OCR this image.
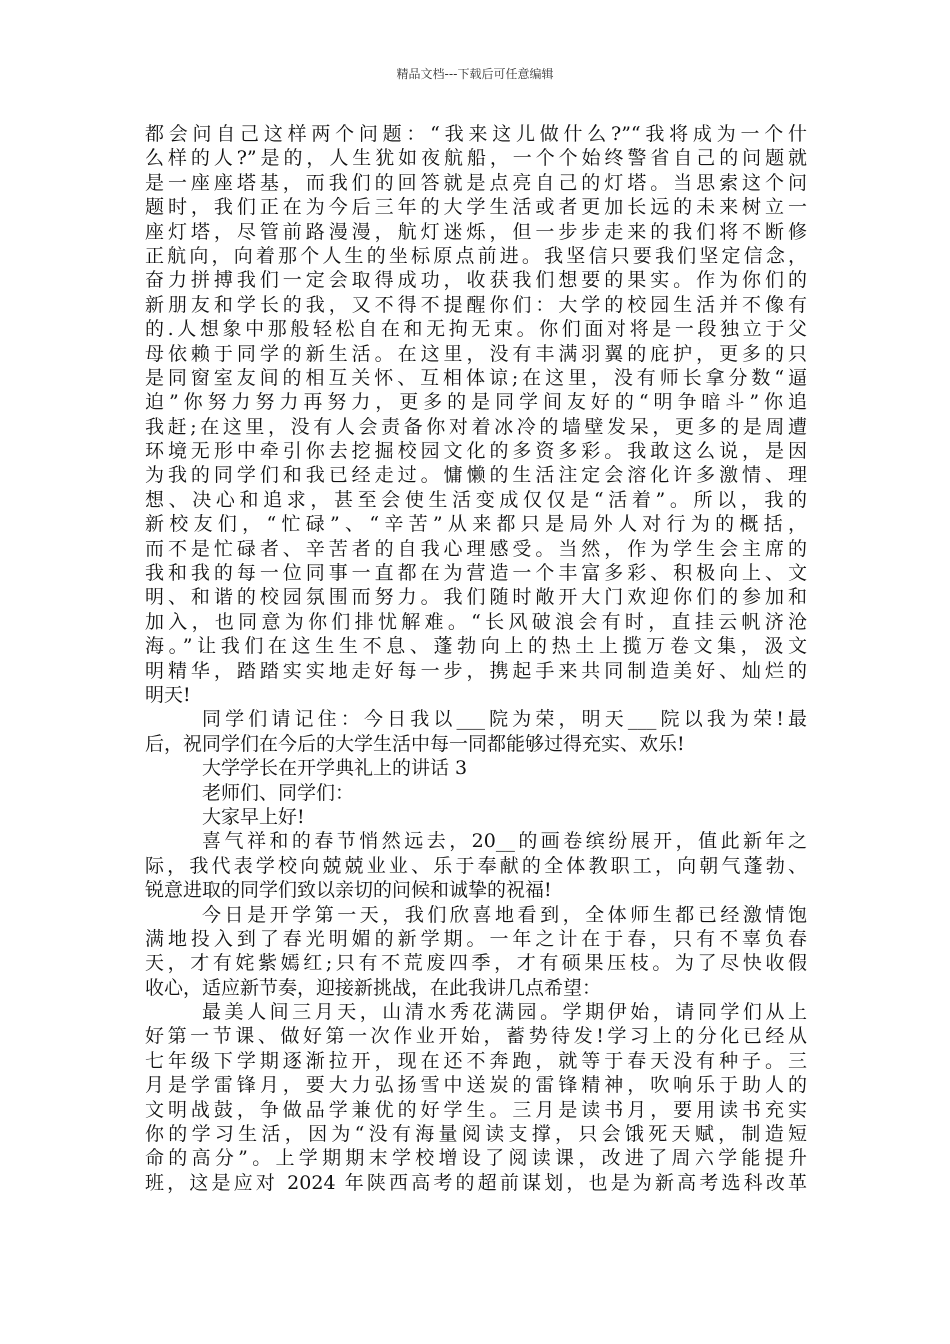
精品文档---下载后可任意编辑
都会问自己这样两个问题：“我来这儿做什么?”“我将成为一个什
么样的人?”是的，人生犹如夜航船，一个个始终警省自己的问题就
是一座座塔基，而我们的回答就是点亮自己的灯塔。当思索这个问
题时，我们正在为今后三年的大学生活或者更加长远的未来树立一
座灯塔，尽管前路漫漫，航灯迷烁，但一步步走来的我们将不断修
正航向，向着那个人生的坐标原点前进。我坚信只要我们坚定信念，
奋力拼搏我们一定会取得成功，收获我们想要的果实。作为你们的
新朋友和学长的我，又不得不提醒你们：大学的校园生活并不像有
的.人想象中那般轻松自在和无拘无束。你们面对将是一段独立于父
母依赖于同学的新生活。在这里，没有丰满羽翼的庇护，更多的只
是同窗室友间的相互关怀、互相体谅;在这里，没有师长拿分数“逼
迫”你努力努力再努力，更多的是同学间友好的“明争暗斗”你追
我赶;在这里，没有人会责备你对着冰冷的墙壁发呆，更多的是周遭
环境无形中牵引你去挖掘校园文化的多资多彩。我敢这么说，是因
为我的同学们和我已经走过。慵懒的生活注定会溶化许多激情、理
想、决心和追求，甚至会使生活变成仅仅是“活着”。所以，我的
新校友们，“忙碌”、“辛苦”从来都只是局外人对行为的概括，
而不是忙碌者、辛苦者的自我心理感受。当然，作为学生会主席的
我和我的每一位同事一直都在为营造一个丰富多彩、积极向上、文
明、和谐的校园氛围而努力。我们随时敞开大门欢迎你们的参加和
加入，也同意为你们排忧解难。“长风破浪会有时，直挂云帆济沧
海。”让我们在这生生不息、蓬勃向上的热土上揽万卷文集，汲文
明精华，踏踏实实地走好每一步，携起手来共同制造美好、灿烂的
明天!
同学们请记住：今日我以___院为荣，明天___院以我为荣!最
后，祝同学们在今后的大学生活中每一同都能够过得充实、欢乐!
大学学长在开学典礼上的讲话 3
老师们、同学们：
大家早上好!
喜气祥和的春节悄然远去，20__的画卷缤纷展开，值此新年之
际，我代表学校向兢兢业业、乐于奉献的全体教职工，向朝气蓬勃、
锐意进取的同学们致以亲切的问候和诚挚的祝福!
今日是开学第一天，我们欣喜地看到，全体师生都已经激情饱
满地投入到了春光明媚的新学期。一年之计在于春，只有不辜负春
天，才有姹紫嫣红;只有不荒废四季，才有硕果压枝。为了尽快收假
收心，适应新节奏，迎接新挑战，在此我讲几点希望：
最美人间三月天，山清水秀花满园。学期伊始，请同学们从上
好第一节课、做好第一次作业开始，蓄势待发!学习上的分化已经从
七年级下学期逐渐拉开，现在还不奔跑，就等于春天没有种子。三
月是学雷锋月，要大力弘扬雪中送炭的雷锋精神，吹响乐于助人的
文明战鼓，争做品学兼优的好学生。三月是读书月，要用读书充实
你的学习生活，因为“没有海量阅读支撑，只会饿死天赋，制造短
命的高分”。上学期期末学校增设了阅读课，改进了周六学能提升
班，这是应对 2024 年陕西高考的超前谋划，也是为新高考选科改革
